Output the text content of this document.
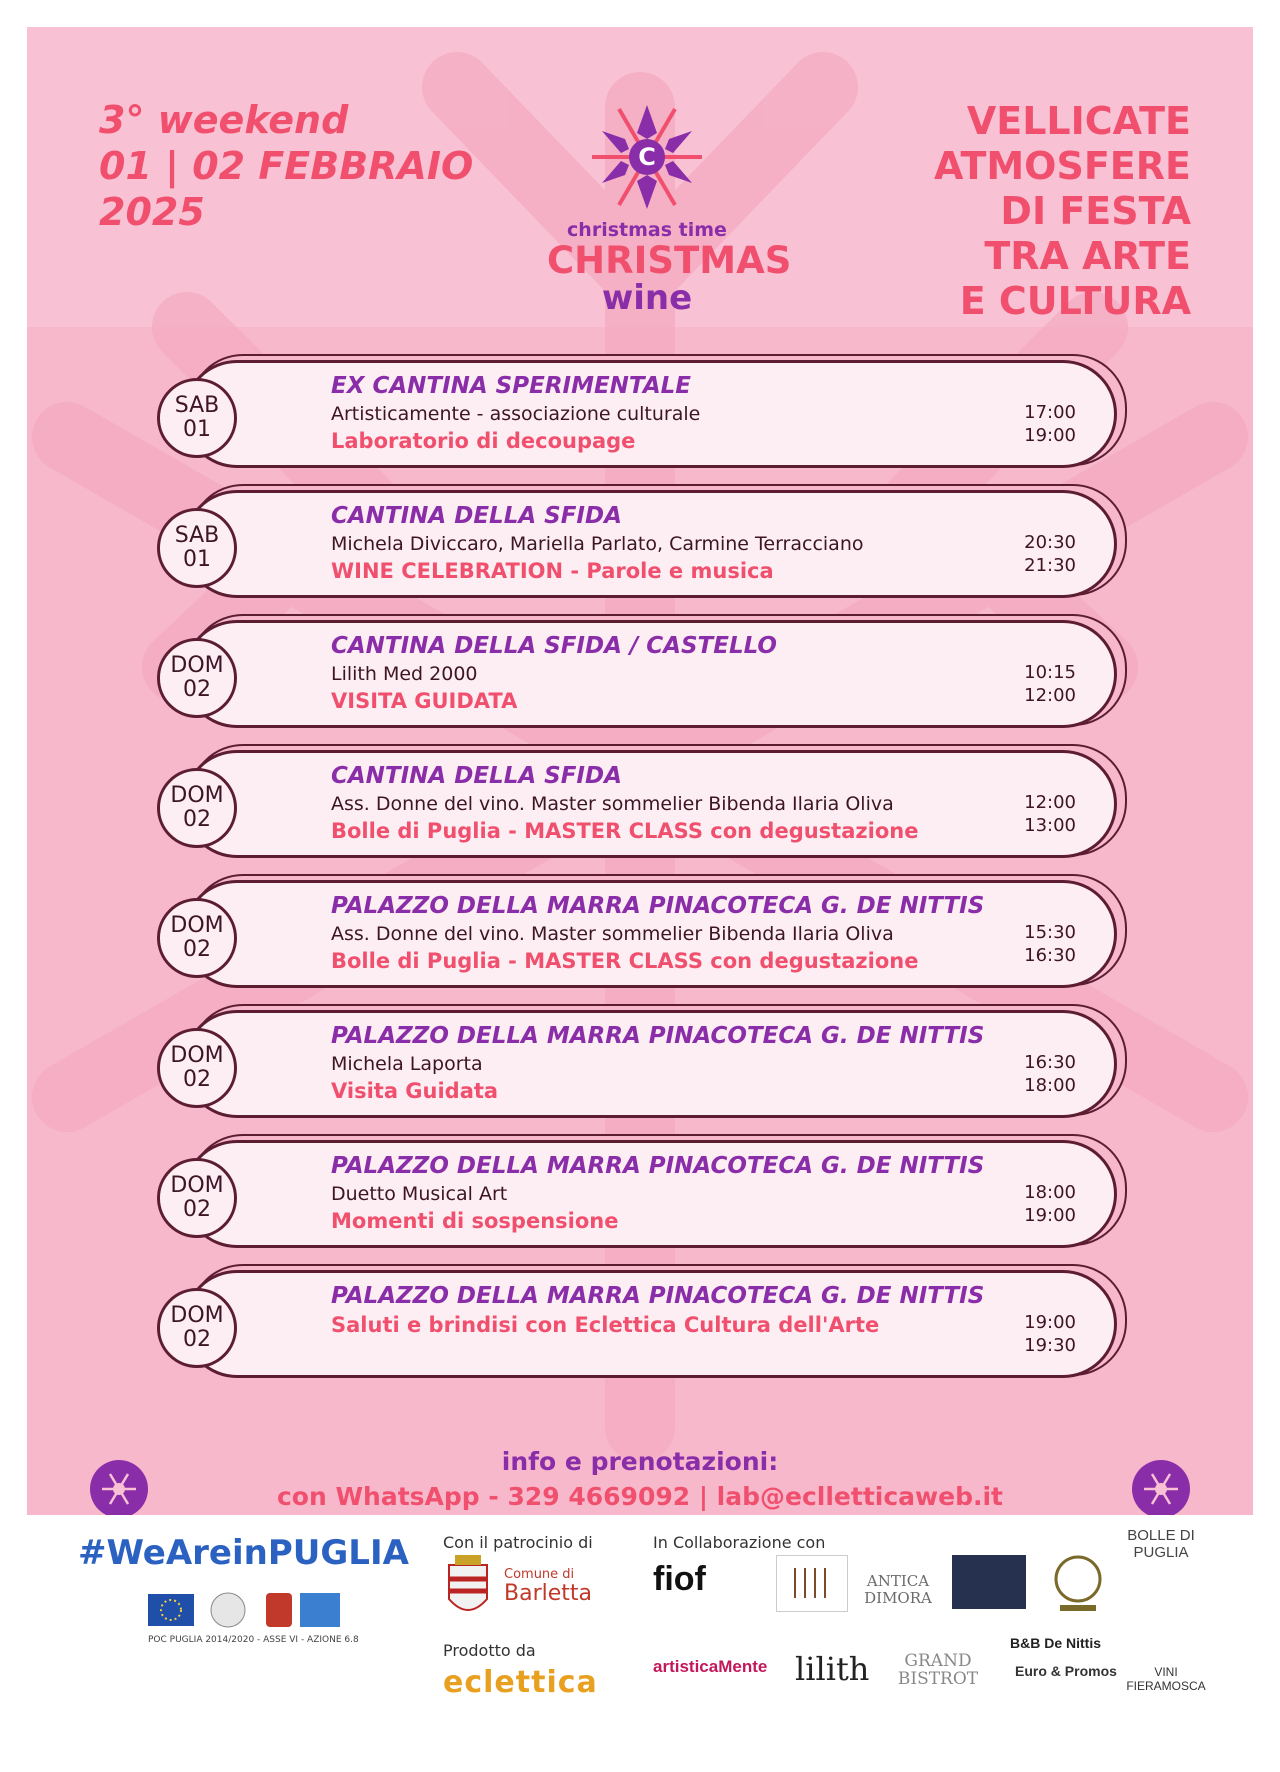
3° weekend
01 | 02 FEBBRAIO
2025
C
christmas time
CHRISTMAS
wine
VELLICATE
ATMOSFERE
DI FESTA
TRA ARTE
E CULTURA
EX CANTINA SPERIMENTALE
Artisticamente - associazione culturale
Laboratorio di decoupage
17:00
19:00
SAB
01
CANTINA DELLA SFIDA
Michela Diviccaro, Mariella Parlato, Carmine Terracciano
WINE CELEBRATION - Parole e musica
20:30
21:30
SAB
01
CANTINA DELLA SFIDA / CASTELLO
Lilith Med 2000
VISITA GUIDATA
10:15
12:00
DOM
02
CANTINA DELLA SFIDA
Ass. Donne del vino. Master sommelier Bibenda Ilaria Oliva
Bolle di Puglia - MASTER CLASS con degustazione
12:00
13:00
DOM
02
PALAZZO DELLA MARRA PINACOTECA G. DE NITTIS
Ass. Donne del vino. Master sommelier Bibenda Ilaria Oliva
Bolle di Puglia - MASTER CLASS con degustazione
15:30
16:30
DOM
02
PALAZZO DELLA MARRA PINACOTECA G. DE NITTIS
Michela Laporta
Visita Guidata
16:30
18:00
DOM
02
PALAZZO DELLA MARRA PINACOTECA G. DE NITTIS
Duetto Musical Art
Momenti di sospensione
18:00
19:00
DOM
02
PALAZZO DELLA MARRA PINACOTECA G. DE NITTIS
Saluti e brindisi con Eclettica Cultura dell'Arte	19:00
19:30
DOM
02
info e prenotazioni:
con WhatsApp - 329 4669092 | lab@eclletticaweb.it
#WeAreinPUGLIA
POC PUGLIA 2014/2020 - ASSE VI - AZIONE 6.8
Con il patrocinio di
Comune di
Barletta
Prodotto da
eclettica
In Collaborazione con
fiof	ANTICA DIMORA
BOLLE DI PUGLIA
artisticaMente lilith	GRAND BISTROT
B&B De Nittis
Euro & Promos	VINI FIERAMOSCA
